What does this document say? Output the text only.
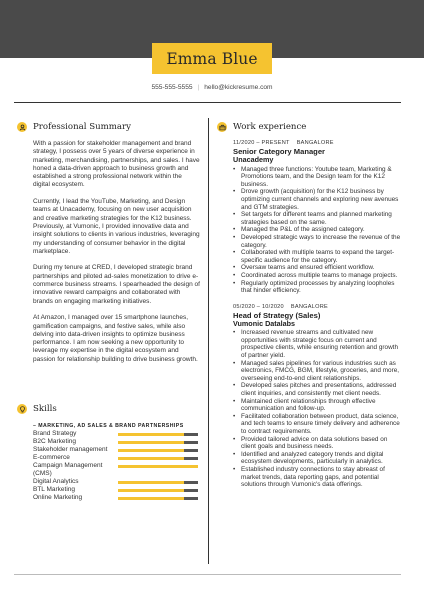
Emma Blue
555-555-5555 | hello@kickresume.com
Professional Summary

With a passion for stakeholder management and brand strategy, I possess over 5 years of diverse experience in marketing, merchandising, partnerships, and sales. I have honed a data-driven approach to business growth and established a strong professional network within the digital ecosystem.

Currently, I lead the YouTube, Marketing, and Design teams at Unacademy, focusing on new user acquisition and creative marketing strategies for the K12 business. Previously, at Vumonic, I provided innovative data and insight solutions to clients in various industries, leveraging my understanding of consumer behavior in the digital marketplace.

During my tenure at CRED, I developed strategic brand partnerships and piloted ad-sales monetization to drive e-commerce business streams. I spearheaded the design of innovative reward campaigns and collaborated with brands on engaging marketing initiatives.

At Amazon, I managed over 15 smartphone launches, gamification campaigns, and festive sales, while also delving into data-driven insights to optimize business performance. I am now seeking a new opportunity to leverage my expertise in the digital ecosystem and passion for relationship building to drive business growth.

Skills
– MARKETING, AD SALES & BRAND PARTNERSHIPS
Brand Strategy
B2C Marketing
Stakeholder management
E-commerce
Campaign Management (CMS)
Digital Analytics
BTL Marketing
Online Marketing
Work experience
11/2020 – PRESENT BANGALORE
Senior Category Manager
Unacademy
• Managed three functions: Youtube team, Marketing & Promotions team, and the Design team for the K12 business.
• Drove growth (acquisition) for the K12 business by optimizing current channels and exploring new avenues and GTM strategies.
• Set targets for different teams and planned marketing strategies based on the same.
• Managed the P&L of the assigned category.
• Developed strategic ways to increase the revenue of the category.
• Collaborated with multiple teams to expand the target-specific audience for the category.
• Oversaw teams and ensured efficient workflow.
• Coordinated across multiple teams to manage projects.
• Regularly optimized processes by analyzing loopholes that hinder efficiency.
05/2020 – 10/2020 BANGALORE
Head of Strategy (Sales)
Vumonic Datalabs
• Increased revenue streams and cultivated new opportunities with strategic focus on current and prospective clients, while ensuring retention and growth of partner yield.
• Managed sales pipelines for various industries such as electronics, FMCG, BGM, lifestyle, groceries, and more, overseeing end-to-end client relationships.
• Developed sales pitches and presentations, addressed client inquiries, and consistently met client needs.
• Maintained client relationships through effective communication and follow-up.
• Facilitated collaboration between product, data science, and tech teams to ensure timely delivery and adherence to contract requirements.
• Provided tailored advice on data solutions based on client goals and business needs.
• Identified and analyzed category trends and digital ecosystem developments, particularly in analytics.
• Established industry connections to stay abreast of market trends, data reporting gaps, and potential solutions through Vumonic's data offerings.
